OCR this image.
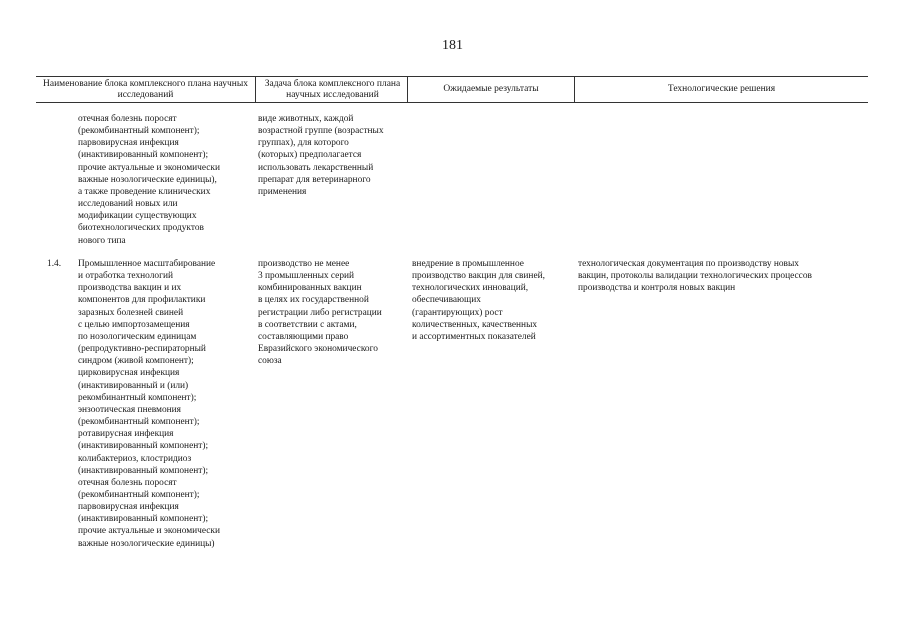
181
Наименование блока комплексного плана научных исследований
Задача блока комплексного плана научных исследований
Ожидаемые результаты	Технологические решения
отечная болезнь поросят
(рекомбинантный компонент);
парвовирусная инфекция
(инактивированный компонент);
прочие актуальные и экономически
важные нозологические единицы),
а также проведение клинических
исследований новых или
модификации существующих
биотехнологических продуктов
нового типа
виде животных, каждой
возрастной группе (возрастных
группах), для которого
(которых) предполагается
использовать лекарственный
препарат для ветеринарного
применения
1.4. Промышленное масштабирование
и отработка технологий
производства вакцин и их
компонентов для профилактики
заразных болезней свиней
с целью импортозамещения
по нозологическим единицам
(репродуктивно-респираторный
синдром (живой компонент);
цирковирусная инфекция
(инактивированный и (или)
рекомбинантный компонент);
энзоотическая пневмония
(рекомбинантный компонент);
ротавирусная инфекция
(инактивированный компонент);
колибактериоз, клостридиоз
(инактивированный компонент);
отечная болезнь поросят
(рекомбинантный компонент);
парвовирусная инфекция
(инактивированный компонент);
прочие актуальные и экономически
важные нозологические единицы)
производство не менее
3 промышленных серий
комбинированных вакцин
в целях их государственной
регистрации либо регистрации
в соответствии с актами,
составляющими право
Евразийского экономического
союза
внедрение в промышленное
производство вакцин для свиней,
технологических инноваций,
обеспечивающих
(гарантирующих) рост
количественных, качественных
и ассортиментных показателей
технологическая документация по производству новых
вакцин, протоколы валидации технологических процессов
производства и контроля новых вакцин
